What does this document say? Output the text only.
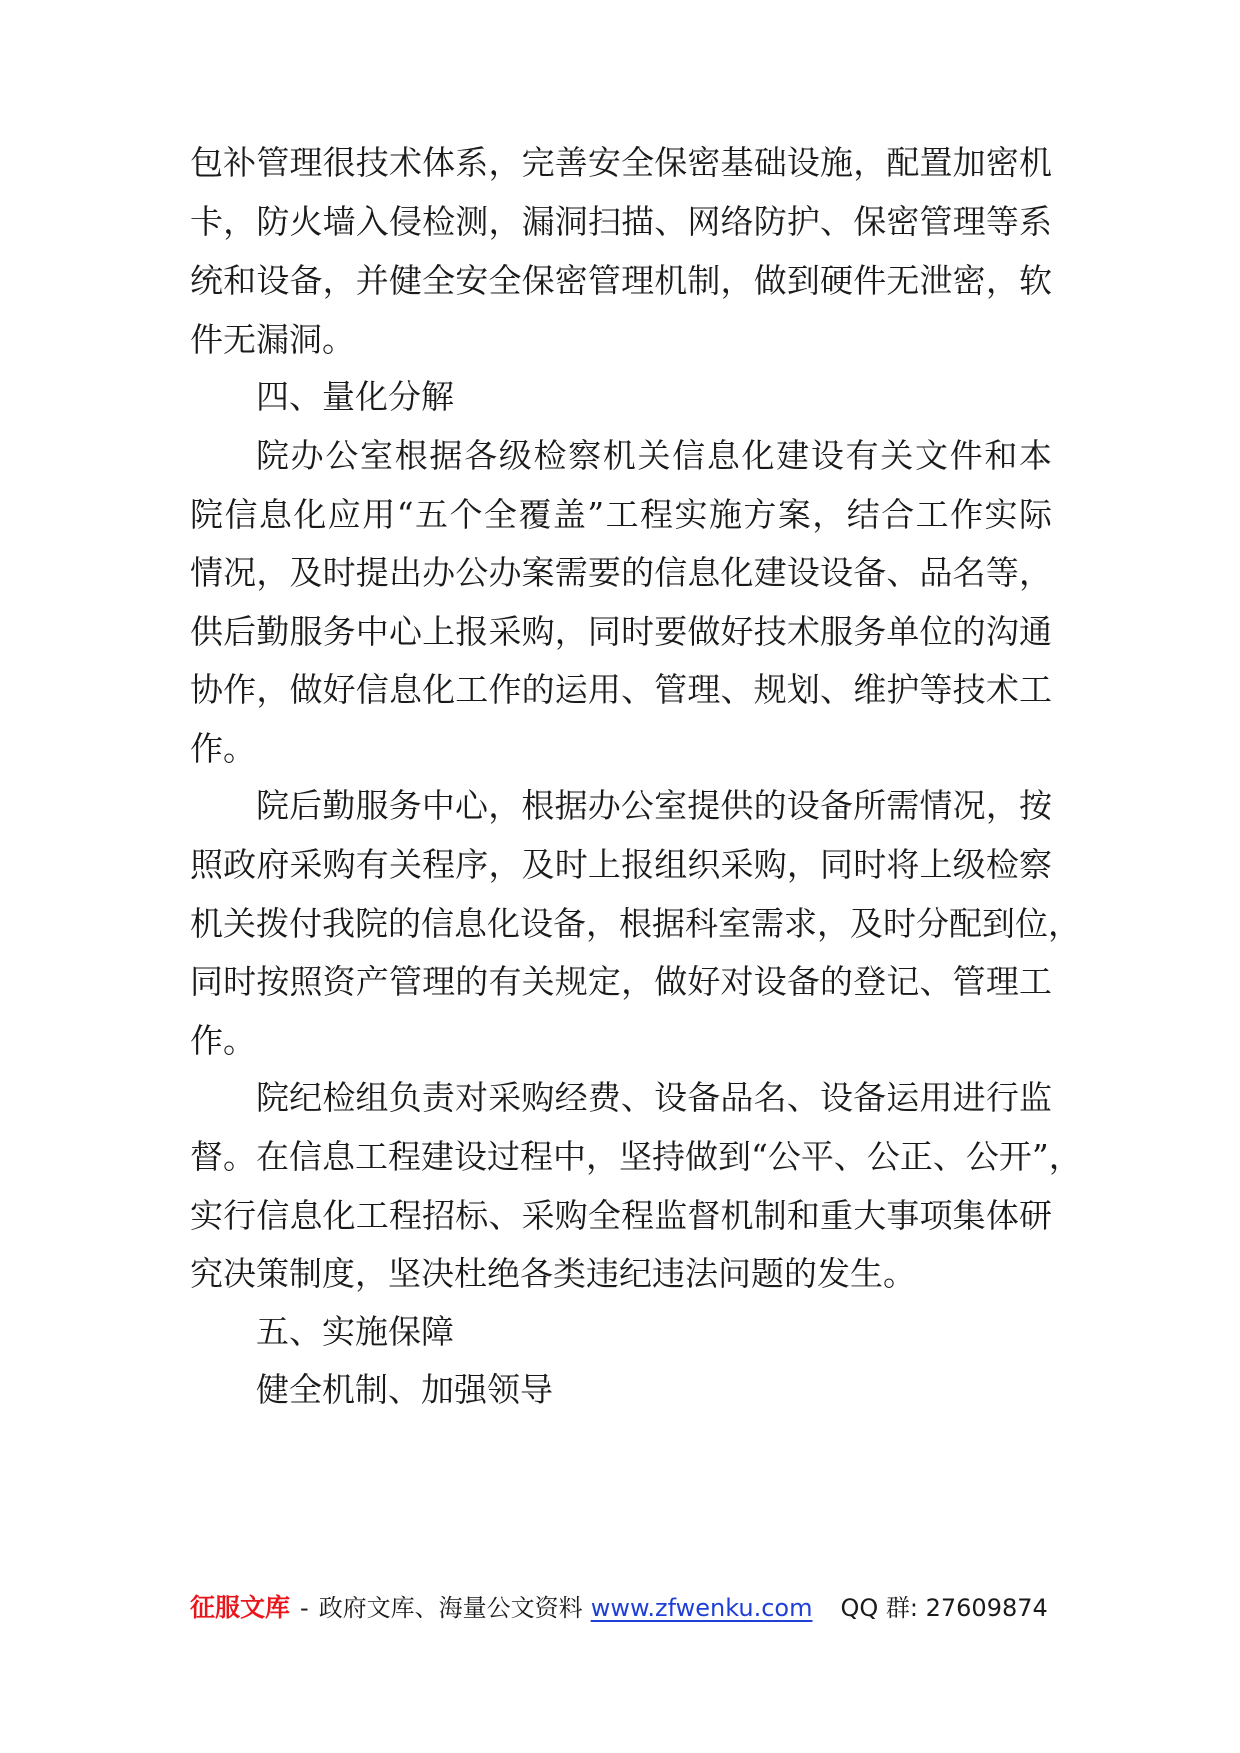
包补管理很技术体系，完善安全保密基础设施，配置加密机
卡，防火墙入侵检测，漏洞扫描、网络防护、保密管理等系
统和设备，并健全安全保密管理机制，做到硬件无泄密，软
件无漏洞。
四、量化分解
院办公室根据各级检察机关信息化建设有关文件和本
院信息化应用“五个全覆盖”工程实施方案，结合工作实际
情况，及时提出办公办案需要的信息化建设设备、品名等，
供后勤服务中心上报采购，同时要做好技术服务单位的沟通
协作，做好信息化工作的运用、管理、规划、维护等技术工
作。
院后勤服务中心，根据办公室提供的设备所需情况，按
照政府采购有关程序，及时上报组织采购，同时将上级检察
机关拨付我院的信息化设备，根据科室需求，及时分配到位，
同时按照资产管理的有关规定，做好对设备的登记、管理工
作。
院纪检组负责对采购经费、设备品名、设备运用进行监
督。在信息工程建设过程中，坚持做到“公平、公正、公开”，
实行信息化工程招标、采购全程监督机制和重大事项集体研
究决策制度，坚决杜绝各类违纪违法问题的发生。
五、实施保障
健全机制、加强领导
征服文库 - 政府文库、海量公文资料 www.zfwenku.com	QQ 群: 27609874
